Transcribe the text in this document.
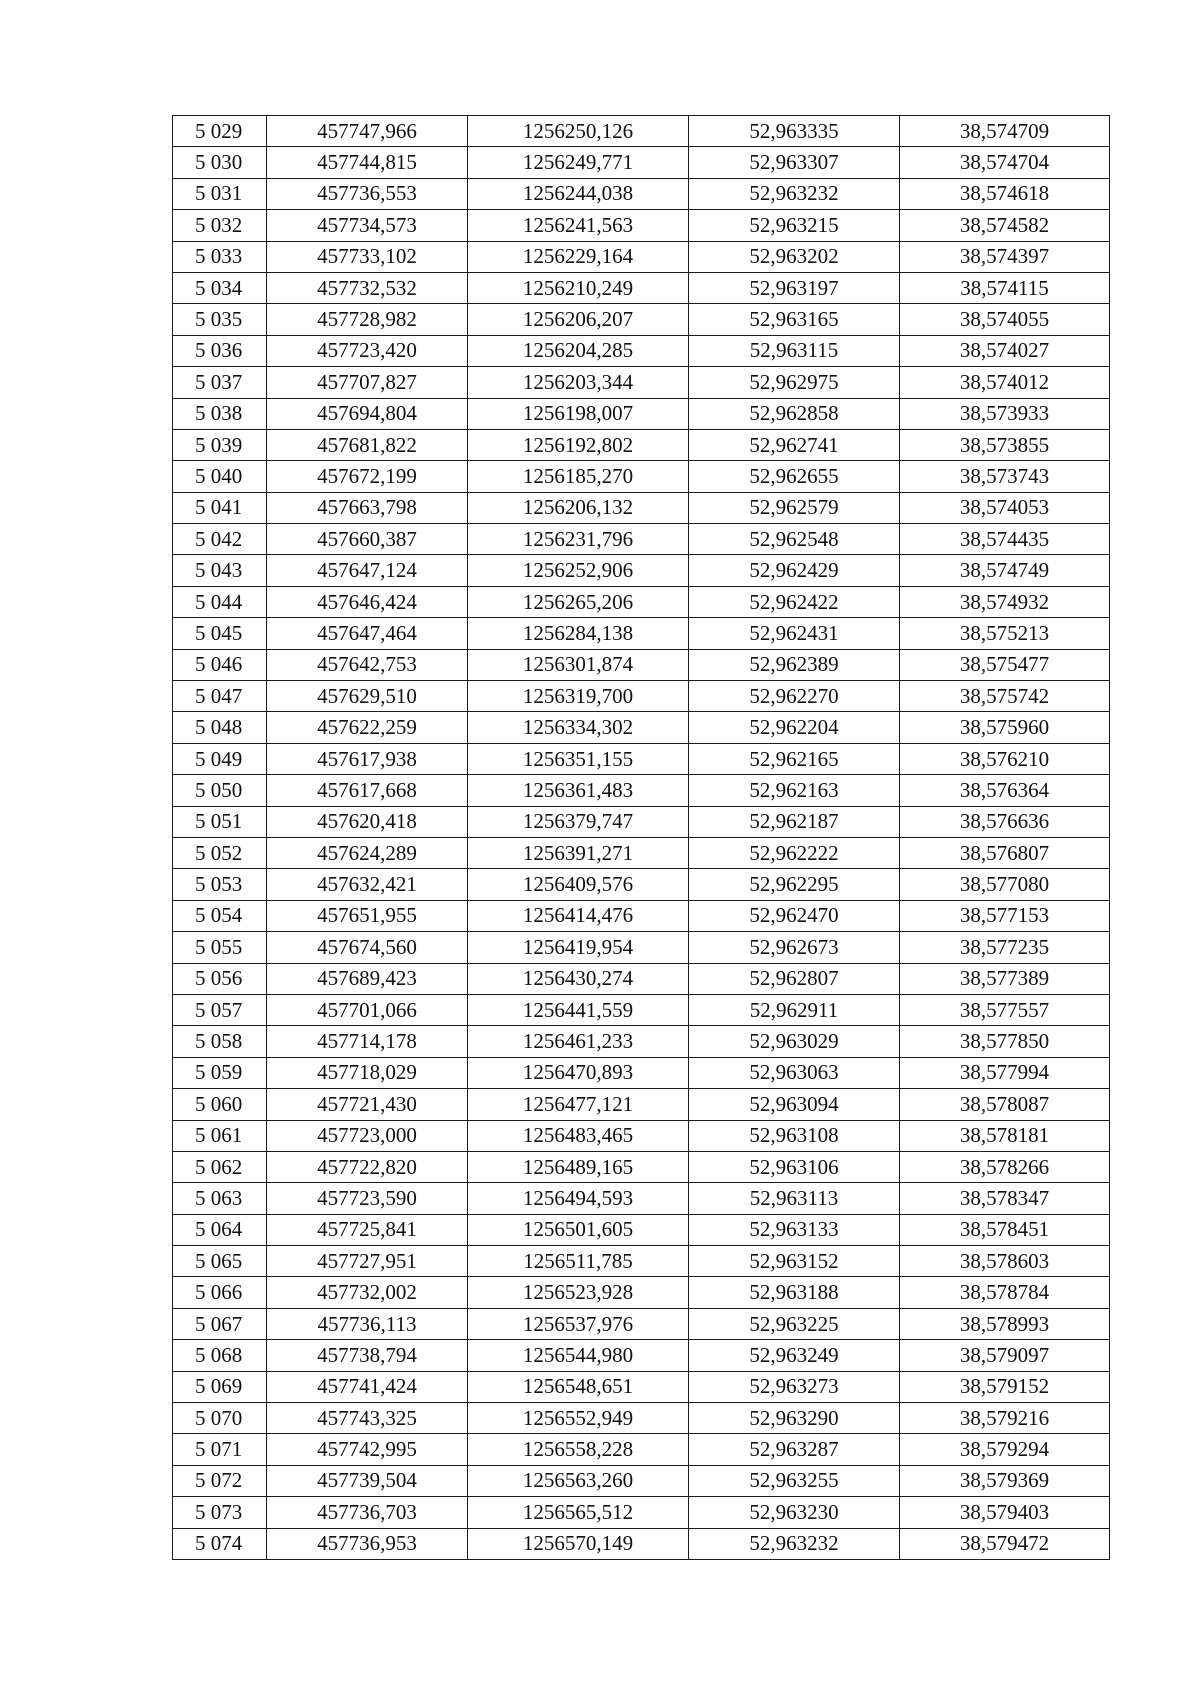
5 029	457747,966	1256250,126	52,963335	38,574709
5 030	457744,815	1256249,771	52,963307	38,574704
5 031	457736,553	1256244,038	52,963232	38,574618
5 032	457734,573	1256241,563	52,963215	38,574582
5 033	457733,102	1256229,164	52,963202	38,574397
5 034	457732,532	1256210,249	52,963197	38,574115
5 035	457728,982	1256206,207	52,963165	38,574055
5 036	457723,420	1256204,285	52,963115	38,574027
5 037	457707,827	1256203,344	52,962975	38,574012
5 038	457694,804	1256198,007	52,962858	38,573933
5 039	457681,822	1256192,802	52,962741	38,573855
5 040	457672,199	1256185,270	52,962655	38,573743
5 041	457663,798	1256206,132	52,962579	38,574053
5 042	457660,387	1256231,796	52,962548	38,574435
5 043	457647,124	1256252,906	52,962429	38,574749
5 044	457646,424	1256265,206	52,962422	38,574932
5 045	457647,464	1256284,138	52,962431	38,575213
5 046	457642,753	1256301,874	52,962389	38,575477
5 047	457629,510	1256319,700	52,962270	38,575742
5 048	457622,259	1256334,302	52,962204	38,575960
5 049	457617,938	1256351,155	52,962165	38,576210
5 050	457617,668	1256361,483	52,962163	38,576364
5 051	457620,418	1256379,747	52,962187	38,576636
5 052	457624,289	1256391,271	52,962222	38,576807
5 053	457632,421	1256409,576	52,962295	38,577080
5 054	457651,955	1256414,476	52,962470	38,577153
5 055	457674,560	1256419,954	52,962673	38,577235
5 056	457689,423	1256430,274	52,962807	38,577389
5 057	457701,066	1256441,559	52,962911	38,577557
5 058	457714,178	1256461,233	52,963029	38,577850
5 059	457718,029	1256470,893	52,963063	38,577994
5 060	457721,430	1256477,121	52,963094	38,578087
5 061	457723,000	1256483,465	52,963108	38,578181
5 062	457722,820	1256489,165	52,963106	38,578266
5 063	457723,590	1256494,593	52,963113	38,578347
5 064	457725,841	1256501,605	52,963133	38,578451
5 065	457727,951	1256511,785	52,963152	38,578603
5 066	457732,002	1256523,928	52,963188	38,578784
5 067	457736,113	1256537,976	52,963225	38,578993
5 068	457738,794	1256544,980	52,963249	38,579097
5 069	457741,424	1256548,651	52,963273	38,579152
5 070	457743,325	1256552,949	52,963290	38,579216
5 071	457742,995	1256558,228	52,963287	38,579294
5 072	457739,504	1256563,260	52,963255	38,579369
5 073	457736,703	1256565,512	52,963230	38,579403
5 074	457736,953	1256570,149	52,963232	38,579472
